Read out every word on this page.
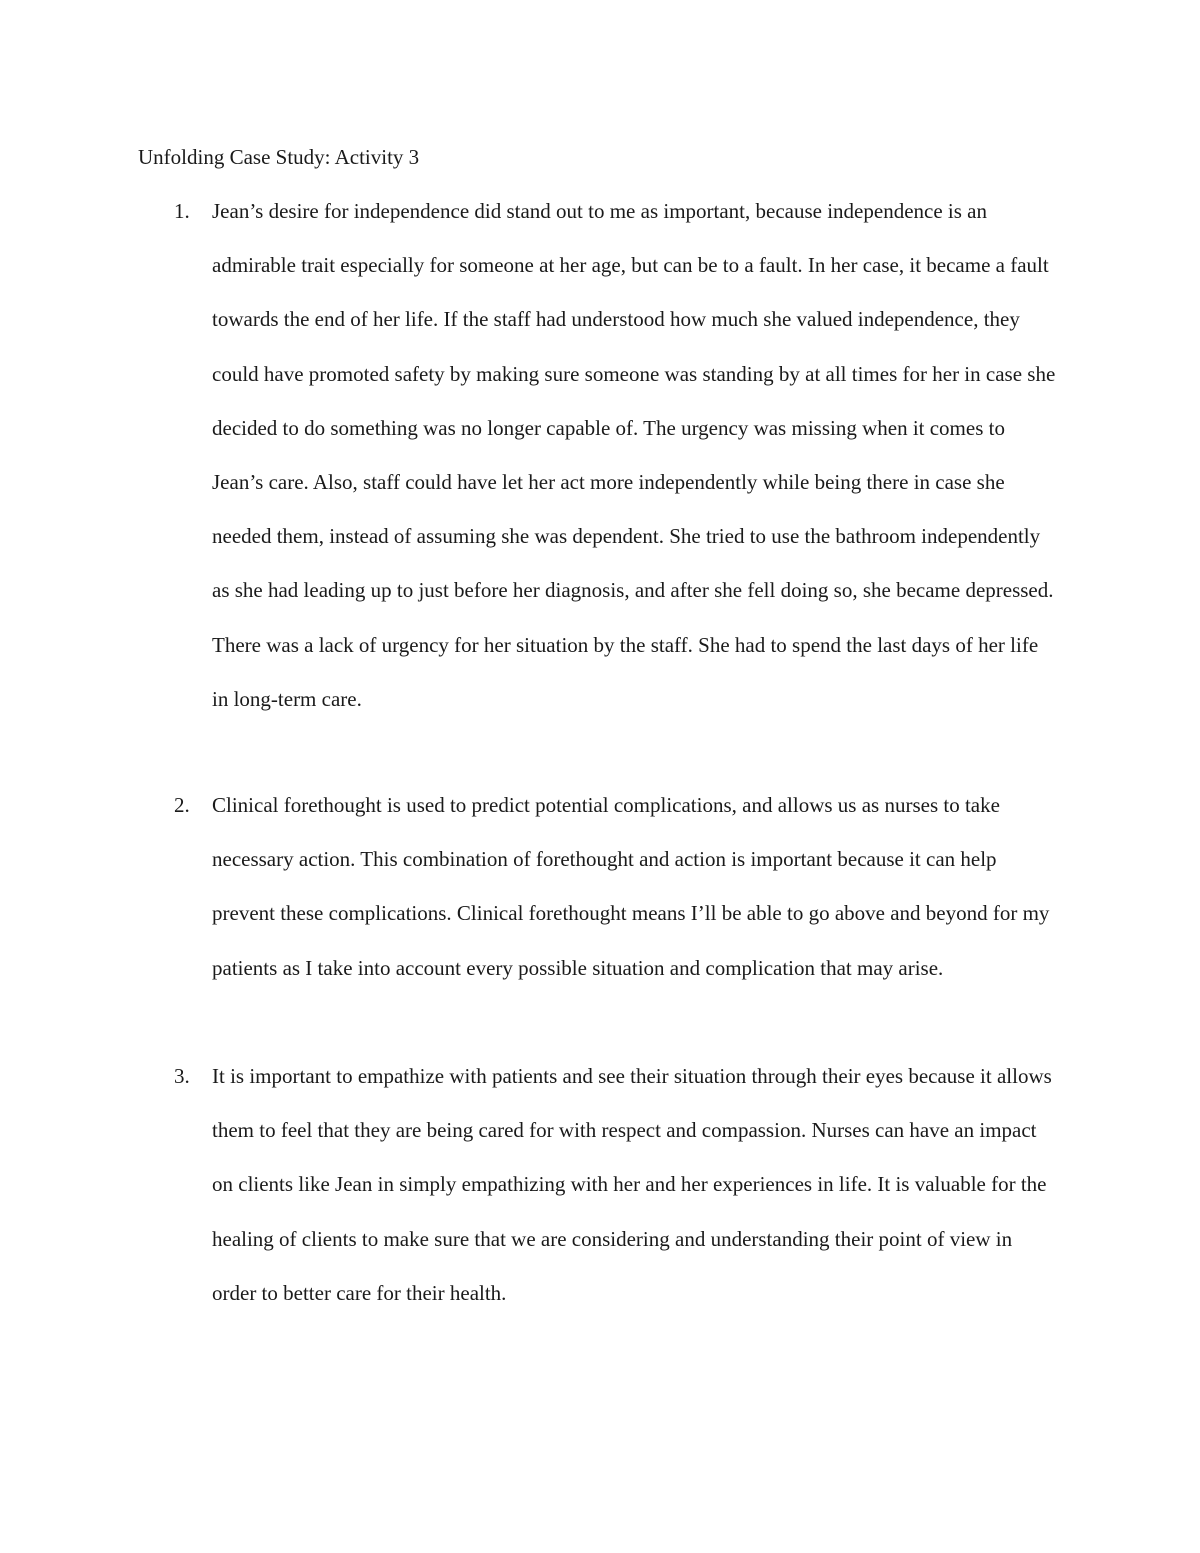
Unfolding Case Study: Activity 3
1. Jean’s desire for independence did stand out to me as important, because independence is an admirable trait especially for someone at her age, but can be to a fault. In her case, it became a fault towards the end of her life. If the staff had understood how much she valued independence, they could have promoted safety by making sure someone was standing by at all times for her in case she decided to do something was no longer capable of. The urgency was missing when it comes to Jean’s care. Also, staff could have let her act more independently while being there in case she needed them, instead of assuming she was dependent. She tried to use the bathroom independently as she had leading up to just before her diagnosis, and after she fell doing so, she became depressed. There was a lack of urgency for her situation by the staff. She had to spend the last days of her life in long-term care.
2. Clinical forethought is used to predict potential complications, and allows us as nurses to take necessary action. This combination of forethought and action is important because it can help prevent these complications. Clinical forethought means I’ll be able to go above and beyond for my patients as I take into account every possible situation and complication that may arise.
3. It is important to empathize with patients and see their situation through their eyes because it allows them to feel that they are being cared for with respect and compassion. Nurses can have an impact on clients like Jean in simply empathizing with her and her experiences in life. It is valuable for the healing of clients to make sure that we are considering and understanding their point of view in order to better care for their health.
